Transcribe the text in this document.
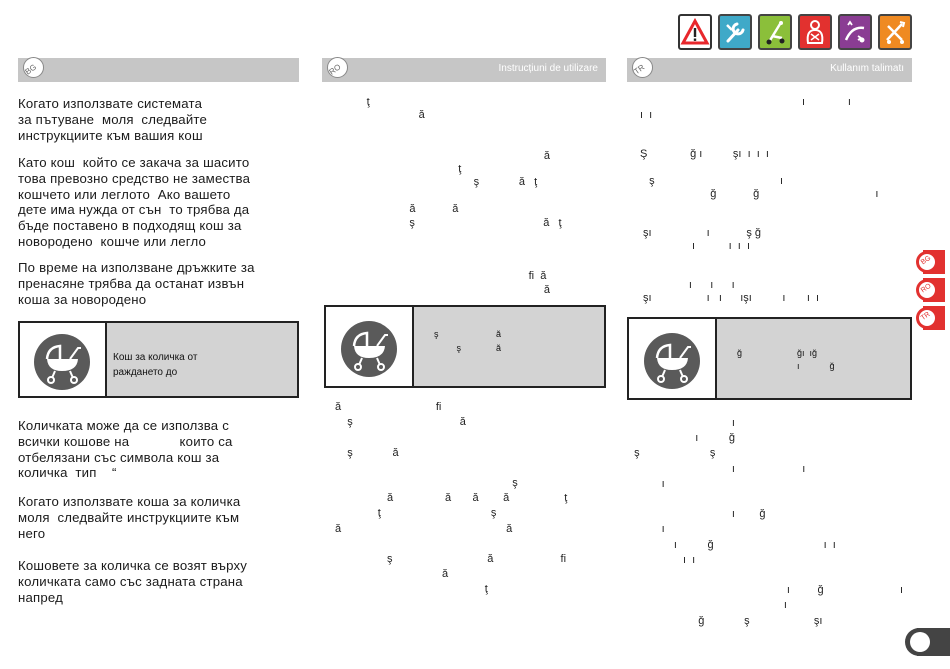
BG	RO	Instrucțiuni de utilizare	TR	Kullanım talimatı
Когато използвате системата
за пътуване  моля  следвайте
инструкциите към вашия кош
Като кош  който се закача за шасито
това превозно средство не замества
кошчето или леглото  Ако вашето
дете има нужда от сън  то трябва да
бъде поставено в подходящ кош за
новородено  кошче или легло
По време на използване дръжките за
пренасяне трябва да останат извън
коша за новородено
Кош за количка от
раждането до
Количката може да се използва с
всички кошове на             които са
отбелязани със символа кош за
количка  тип    “
Когато използвате коша за количка
моля  следвайте инструкциите към
него
Кошовете за количка се возят върху
количката само със задната страна
напред
ţ
ă

ă
ţ
ş             ă   ţ

ă            ă
ş                                          ă   ţ

fi  ă
ă
ş                       ă
ş              ă
ă                               fi
ş                                   ă

ş             ă

ş
ă                 ă       ă        ă                  ţ
ţ                                    ş
ă                                                      ă

ş                               ă                      fi
ă
ţ
ı              ı
ı  ı

Ş              ğ ı          şı  ı  ı  ı

ş                                         ı
ğ            ğ                                      ı

şı                  ı            ş ğ
ı           ı  ı  ı

ı      ı      ı
şı                  ı   ı      ışı          ı       ı  ı
ğ                      ğı  ığ
ı            ğ
ı
ı          ğ
ş                       ş
ı                      ı
ı

ı        ğ
ı
ı          ğ                                    ı  ı
ı  ı

ı         ğ                         ı
ı
ğ             ş                     şı
BG
RO
TR
